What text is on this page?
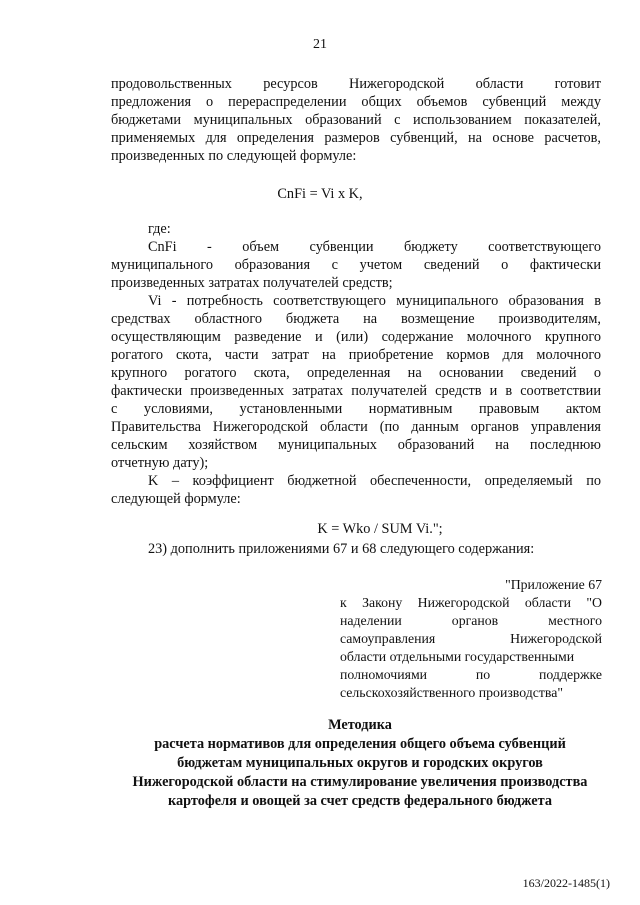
21

продовольственных ресурсов Нижегородской области готовит

предложения о перераспределении общих объемов субвенций между

бюджетами муниципальных образований с использованием показателей,

применяемых для определения размеров субвенций, на основе расчетов,

произведенных по следующей формуле:

CnFi = Vi x K,

где:

CnFi - объем субвенции бюджету соответствующего

муниципального образования с учетом сведений о фактически

произведенных затратах получателей средств;

Vi - потребность соответствующего муниципального образования в

средствах областного бюджета на возмещение производителям,

осуществляющим разведение и (или) содержание молочного крупного

рогатого скота, части затрат на приобретение кормов для молочного

крупного рогатого скота, определенная на основании сведений о

фактически произведенных затратах получателей средств и в соответствии

с условиями, установленными нормативным правовым актом

Правительства Нижегородской области (по данным органов управления

сельским хозяйством муниципальных образований на последнюю

отчетную дату);

K – коэффициент бюджетной обеспеченности, определяемый по

следующей формуле:

K = Wko / SUM Vi.";

23) дополнить приложениями 67 и 68 следующего содержания:

"Приложение 67

к Закону Нижегородской области "О

наделении органов местного

самоуправления Нижегородской

области отдельными государственными

полномочиями по поддержке

сельскохозяйственного производства"

Методика

расчета нормативов для определения общего объема субвенций

бюджетам муниципальных округов и городских округов

Нижегородской области на стимулирование увеличения производства

картофеля и овощей за счет средств федерального бюджета

163/2022-1485(1)
